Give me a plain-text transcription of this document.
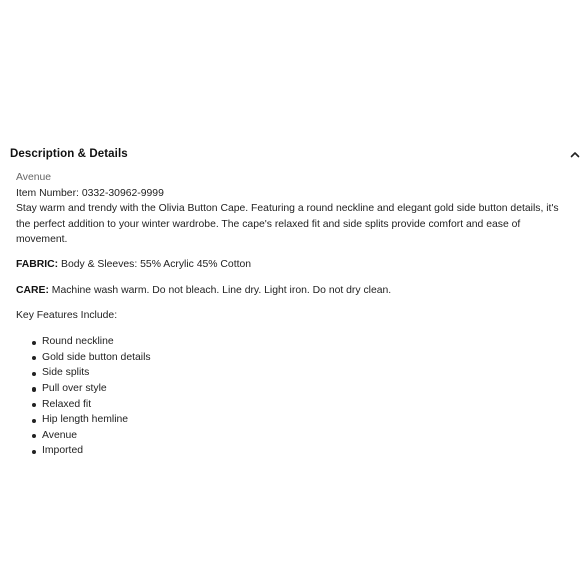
Description & Details
Avenue
Item Number: 0332-30962-9999
Stay warm and trendy with the Olivia Button Cape. Featuring a round neckline and elegant gold side button details, it's the perfect addition to your winter wardrobe. The cape's relaxed fit and side splits provide comfort and ease of movement.
FABRIC: Body & Sleeves: 55% Acrylic 45% Cotton
CARE: Machine wash warm. Do not bleach. Line dry. Light iron. Do not dry clean.
Key Features Include:
Round neckline
Gold side button details
Side splits
Pull over style
Relaxed fit
Hip length hemline
Avenue
Imported
